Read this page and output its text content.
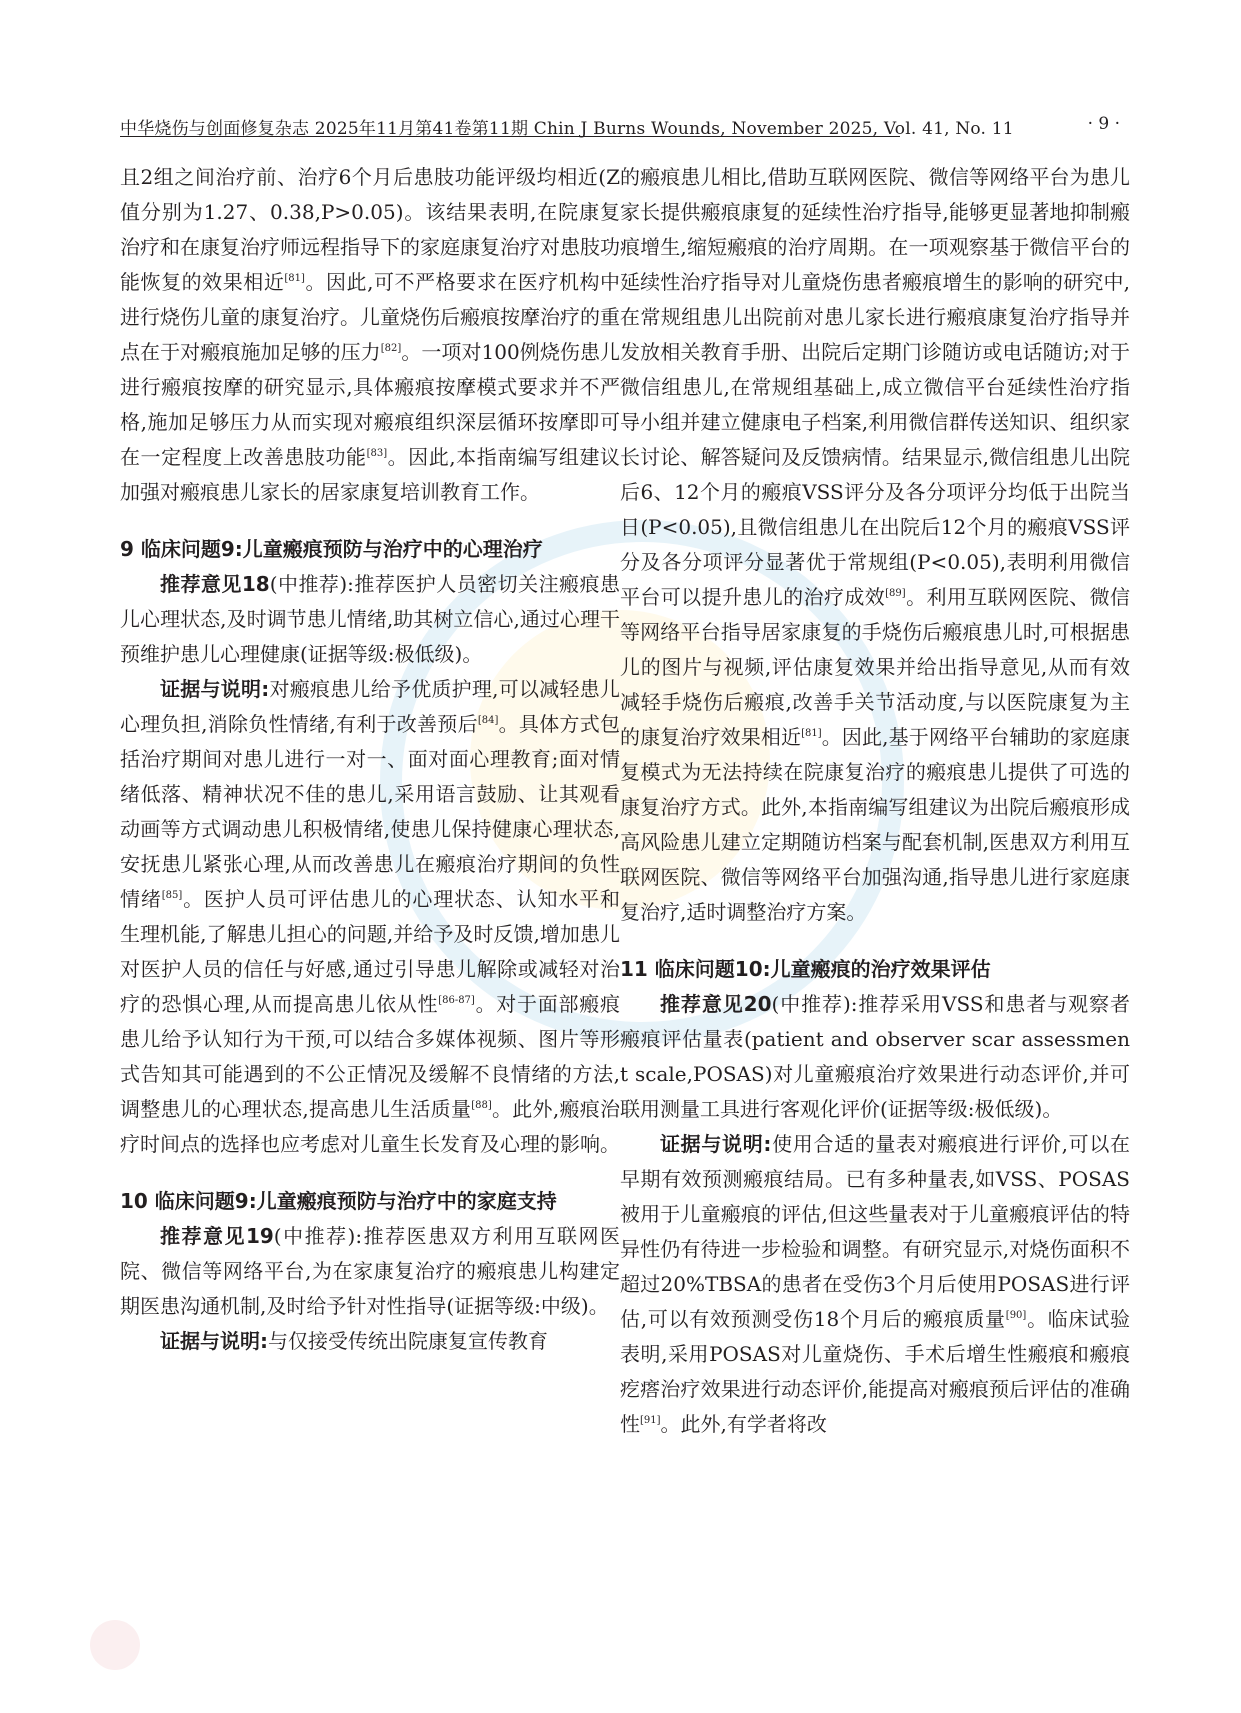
中华烧伤与创面修复杂志 2025年11月第41卷第11期 Chin J Burns Wounds, November 2025, Vol. 41, No. 11	· 9 ·

且2组之间治疗前、治疗6个月后患肢功能评级均相近(Z值分别为1.27、0.38,P>0.05)。该结果表明,在院康复治疗和在康复治疗师远程指导下的家庭康复治疗对患肢功能恢复的效果相近[81]。因此,可不严格要求在医疗机构中进行烧伤儿童的康复治疗。儿童烧伤后瘢痕按摩治疗的重点在于对瘢痕施加足够的压力[82]。一项对100例烧伤患儿进行瘢痕按摩的研究显示,具体瘢痕按摩模式要求并不严格,施加足够压力从而实现对瘢痕组织深层循环按摩即可在一定程度上改善患肢功能[83]。因此,本指南编写组建议加强对瘢痕患儿家长的居家康复培训教育工作。

9 临床问题9:儿童瘢痕预防与治疗中的心理治疗

推荐意见18(中推荐):推荐医护人员密切关注瘢痕患儿心理状态,及时调节患儿情绪,助其树立信心,通过心理干预维护患儿心理健康(证据等级:极低级)。

证据与说明:对瘢痕患儿给予优质护理,可以减轻患儿心理负担,消除负性情绪,有利于改善预后[84]。具体方式包括治疗期间对患儿进行一对一、面对面心理教育;面对情绪低落、精神状况不佳的患儿,采用语言鼓励、让其观看动画等方式调动患儿积极情绪,使患儿保持健康心理状态,安抚患儿紧张心理,从而改善患儿在瘢痕治疗期间的负性情绪[85]。医护人员可评估患儿的心理状态、认知水平和生理机能,了解患儿担心的问题,并给予及时反馈,增加患儿对医护人员的信任与好感,通过引导患儿解除或减轻对治疗的恐惧心理,从而提高患儿依从性[86-87]。对于面部瘢痕患儿给予认知行为干预,可以结合多媒体视频、图片等形式告知其可能遇到的不公正情况及缓解不良情绪的方法,调整患儿的心理状态,提高患儿生活质量[88]。此外,瘢痕治疗时间点的选择也应考虑对儿童生长发育及心理的影响。

10 临床问题9:儿童瘢痕预防与治疗中的家庭支持

推荐意见19(中推荐):推荐医患双方利用互联网医院、微信等网络平台,为在家康复治疗的瘢痕患儿构建定期医患沟通机制,及时给予针对性指导(证据等级:中级)。

证据与说明:与仅接受传统出院康复宣传教育

的瘢痕患儿相比,借助互联网医院、微信等网络平台为患儿家长提供瘢痕康复的延续性治疗指导,能够更显著地抑制瘢痕增生,缩短瘢痕的治疗周期。在一项观察基于微信平台的延续性治疗指导对儿童烧伤患者瘢痕增生的影响的研究中,在常规组患儿出院前对患儿家长进行瘢痕康复治疗指导并发放相关教育手册、出院后定期门诊随访或电话随访;对于微信组患儿,在常规组基础上,成立微信平台延续性治疗指导小组并建立健康电子档案,利用微信群传送知识、组织家长讨论、解答疑问及反馈病情。结果显示,微信组患儿出院后6、12个月的瘢痕VSS评分及各分项评分均低于出院当日(P<0.05),且微信组患儿在出院后12个月的瘢痕VSS评分及各分项评分显著优于常规组(P<0.05),表明利用微信平台可以提升患儿的治疗成效[89]。利用互联网医院、微信等网络平台指导居家康复的手烧伤后瘢痕患儿时,可根据患儿的图片与视频,评估康复效果并给出指导意见,从而有效减轻手烧伤后瘢痕,改善手关节活动度,与以医院康复为主的康复治疗效果相近[81]。因此,基于网络平台辅助的家庭康复模式为无法持续在院康复治疗的瘢痕患儿提供了可选的康复治疗方式。此外,本指南编写组建议为出院后瘢痕形成高风险患儿建立定期随访档案与配套机制,医患双方利用互联网医院、微信等网络平台加强沟通,指导患儿进行家庭康复治疗,适时调整治疗方案。

11 临床问题10:儿童瘢痕的治疗效果评估

推荐意见20(中推荐):推荐采用VSS和患者与观察者瘢痕评估量表(patient and observer scar assessment scale,POSAS)对儿童瘢痕治疗效果进行动态评价,并可联用测量工具进行客观化评价(证据等级:极低级)。

证据与说明:使用合适的量表对瘢痕进行评价,可以在早期有效预测瘢痕结局。已有多种量表,如VSS、POSAS被用于儿童瘢痕的评估,但这些量表对于儿童瘢痕评估的特异性仍有待进一步检验和调整。有研究显示,对烧伤面积不超过20%TBSA的患者在受伤3个月后使用POSAS进行评估,可以有效预测受伤18个月后的瘢痕质量[90]。临床试验表明,采用POSAS对儿童烧伤、手术后增生性瘢痕和瘢痕疙瘩治疗效果进行动态评价,能提高对瘢痕预后评估的准确性[91]。此外,有学者将改
